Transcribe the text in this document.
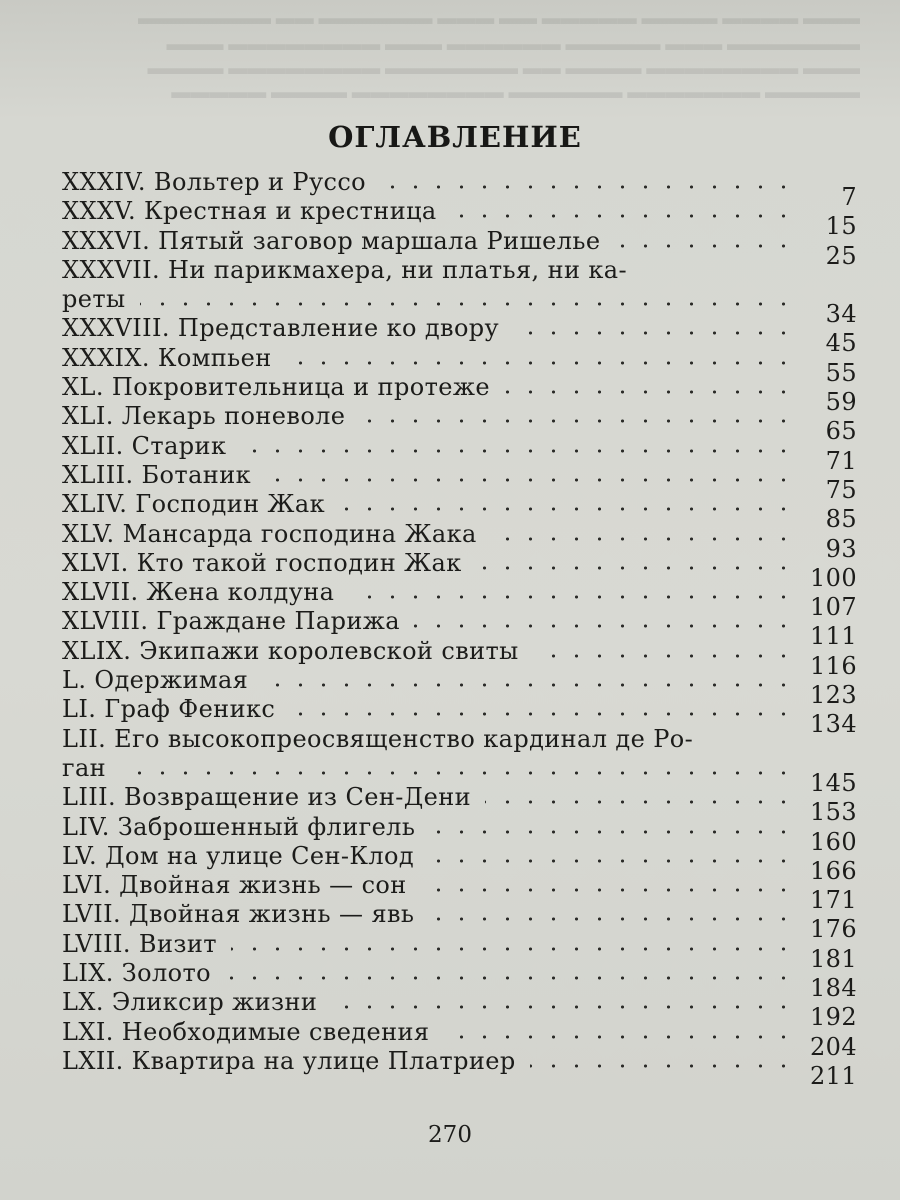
▬▬▬ ▬▬▬▬ ▬▬▬▬ ▬▬▬▬▬ ▬▬ ▬▬▬ ▬▬▬▬▬▬ ▬▬ ▬▬▬▬▬▬▬
▬▬▬▬▬▬▬ ▬▬▬ ▬▬▬▬▬ ▬▬▬▬▬▬ ▬▬▬ ▬▬▬▬▬▬▬▬ ▬▬▬
▬▬▬ ▬▬▬▬▬▬▬▬ ▬▬▬▬ ▬▬ ▬▬▬▬▬▬▬ ▬▬▬▬▬▬▬▬ ▬▬▬▬
▬▬▬▬▬ ▬▬▬▬▬▬▬ ▬▬▬▬▬▬ ▬▬▬▬▬▬▬▬ ▬▬▬▬ ▬▬▬▬▬
ОГЛАВЛЕНИЕ
XXXIV. Вольтер и Руссо
7
XXXV. Крестная и крестница
15
XXXVI. Пятый заговор маршала Ришелье
25
XXXVII. Ни парикмахера, ни платья, ни ка-
реты
34
XXXVIII. Представление ко двору
45
XXXIX. Компьен
55
XL. Покровительница и протеже
59
XLI. Лекарь поневоле
65
XLII. Старик
71
XLIII. Ботаник
75
XLIV. Господин Жак
85
XLV. Мансарда господина Жака
93
XLVI. Кто такой господин Жак
100
XLVII. Жена колдуна
107
XLVIII. Граждане Парижа
111
XLIX. Экипажи королевской свиты
116
L. Одержимая
123
LI. Граф Феникс
134
LII. Его высокопреосвященство кардинал де Ро-
ган
145
LIII. Возвращение из Сен-Дени
153
LIV. Заброшенный флигель
160
LV. Дом на улице Сен-Клод
166
LVI. Двойная жизнь — сон
171
LVII. Двойная жизнь — явь
176
LVIII. Визит
181
LIX. Золото
184
LX. Эликсир жизни
192
LXI. Необходимые сведения
204
LXII. Квартира на улице Платриер
211
270
